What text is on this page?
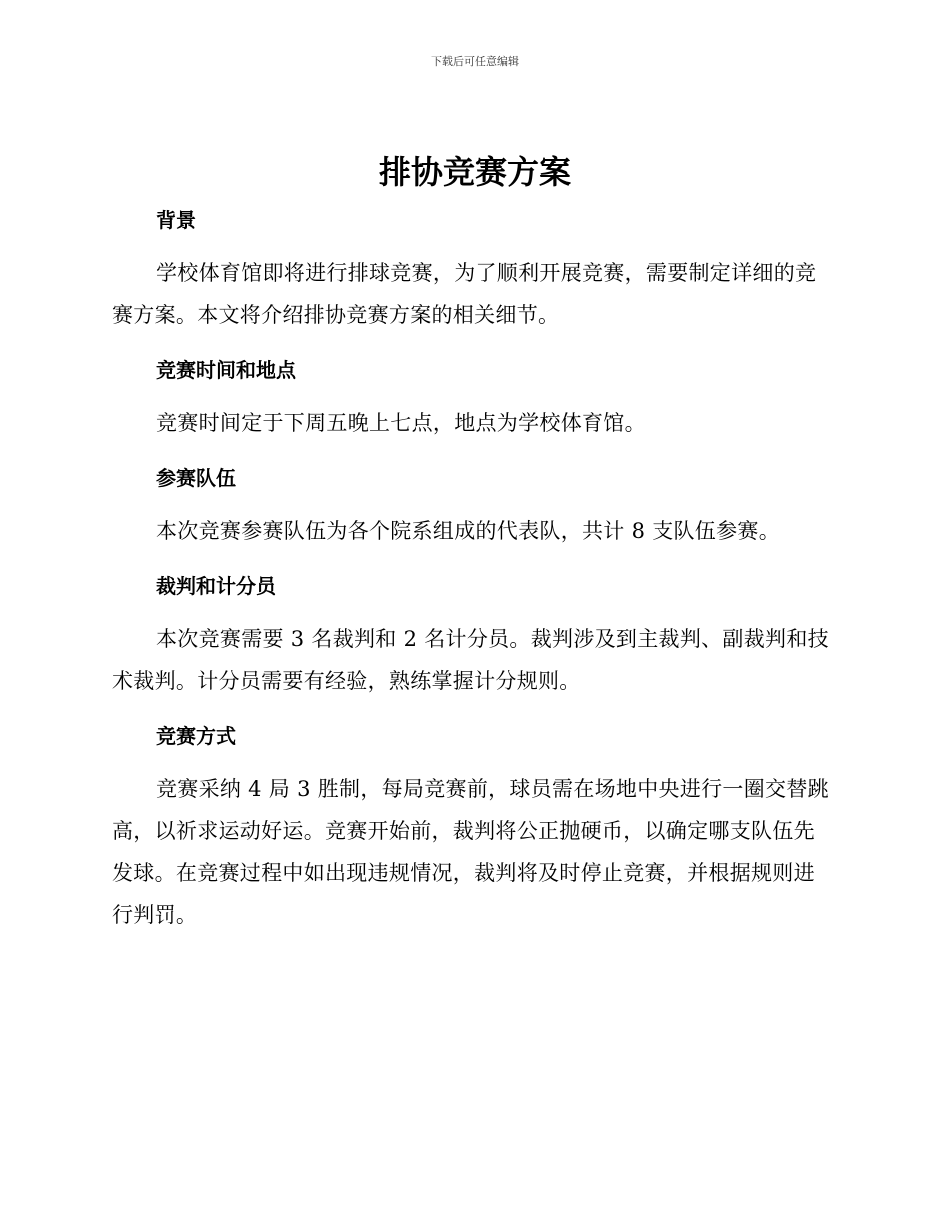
下载后可任意编辑
排协竞赛方案
背景

学校体育馆即将进行排球竞赛，为了顺利开展竞赛，需要制定详细的竞赛方案。本文将介绍排协竞赛方案的相关细节。

竞赛时间和地点

竞赛时间定于下周五晚上七点，地点为学校体育馆。

参赛队伍

本次竞赛参赛队伍为各个院系组成的代表队，共计 8 支队伍参赛。

裁判和计分员

本次竞赛需要 3 名裁判和 2 名计分员。裁判涉及到主裁判、副裁判和技术裁判。计分员需要有经验，熟练掌握计分规则。

竞赛方式

竞赛采纳 4 局 3 胜制，每局竞赛前，球员需在场地中央进行一圈交替跳高，以祈求运动好运。竞赛开始前，裁判将公正抛硬币，以确定哪支队伍先发球。在竞赛过程中如出现违规情况，裁判将及时停止竞赛，并根据规则进行判罚。
